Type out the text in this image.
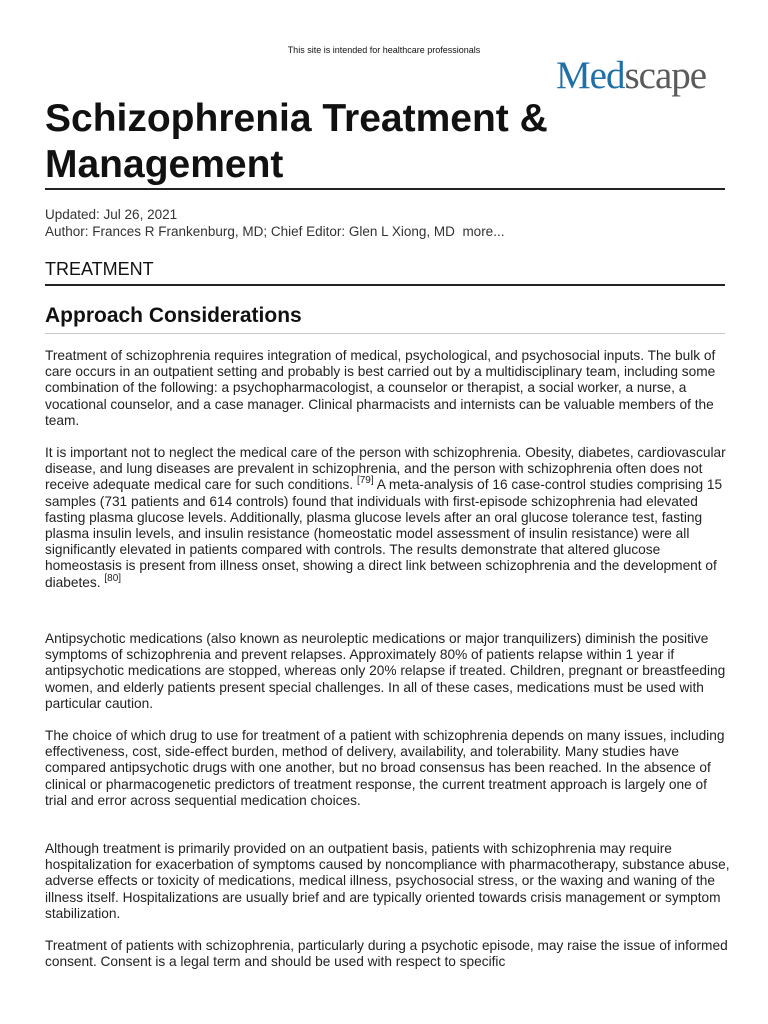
This site is intended for healthcare professionals
Medscape
Schizophrenia Treatment &
Management
Updated: Jul 26, 2021
Author: Frances R Frankenburg, MD; Chief Editor: Glen L Xiong, MD more...
TREATMENT
Approach Considerations

Treatment of schizophrenia requires integration of medical, psychological, and psychosocial inputs. The bulk of care occurs in an outpatient setting and probably is best carried out by a multidisciplinary team, including some combination of the following: a psychopharmacologist, a counselor or therapist, a social worker, a nurse, a vocational counselor, and a case manager. Clinical pharmacists and internists can be valuable members of the team.

It is important not to neglect the medical care of the person with schizophrenia. Obesity, diabetes, cardiovascular disease, and lung diseases are prevalent in schizophrenia, and the person with schizophrenia often does not receive adequate medical care for such conditions. [79] A meta-analysis of 16 case-control studies comprising 15 samples (731 patients and 614 controls) found that individuals with first-episode schizophrenia had elevated fasting plasma glucose levels. Additionally, plasma glucose levels after an oral glucose tolerance test, fasting plasma insulin levels, and insulin resistance (homeostatic model assessment of insulin resistance) were all significantly elevated in patients compared with controls. The results demonstrate that altered glucose homeostasis is present from illness onset, showing a direct link between schizophrenia and the development of diabetes. [80]

Antipsychotic medications (also known as neuroleptic medications or major tranquilizers) diminish the positive symptoms of schizophrenia and prevent relapses. Approximately 80% of patients relapse within 1 year if antipsychotic medications are stopped, whereas only 20% relapse if treated. Children, pregnant or breastfeeding women, and elderly patients present special challenges. In all of these cases, medications must be used with particular caution.

The choice of which drug to use for treatment of a patient with schizophrenia depends on many issues, including effectiveness, cost, side-effect burden, method of delivery, availability, and tolerability. Many studies have compared antipsychotic drugs with one another, but no broad consensus has been reached. In the absence of clinical or pharmacogenetic predictors of treatment response, the current treatment approach is largely one of trial and error across sequential medication choices.

Although treatment is primarily provided on an outpatient basis, patients with schizophrenia may require hospitalization for exacerbation of symptoms caused by noncompliance with pharmacotherapy, substance abuse, adverse effects or toxicity of medications, medical illness, psychosocial stress, or the waxing and waning of the illness itself. Hospitalizations are usually brief and are typically oriented towards crisis management or symptom stabilization.

Treatment of patients with schizophrenia, particularly during a psychotic episode, may raise the issue of informed consent. Consent is a legal term and should be used with respect to specific
